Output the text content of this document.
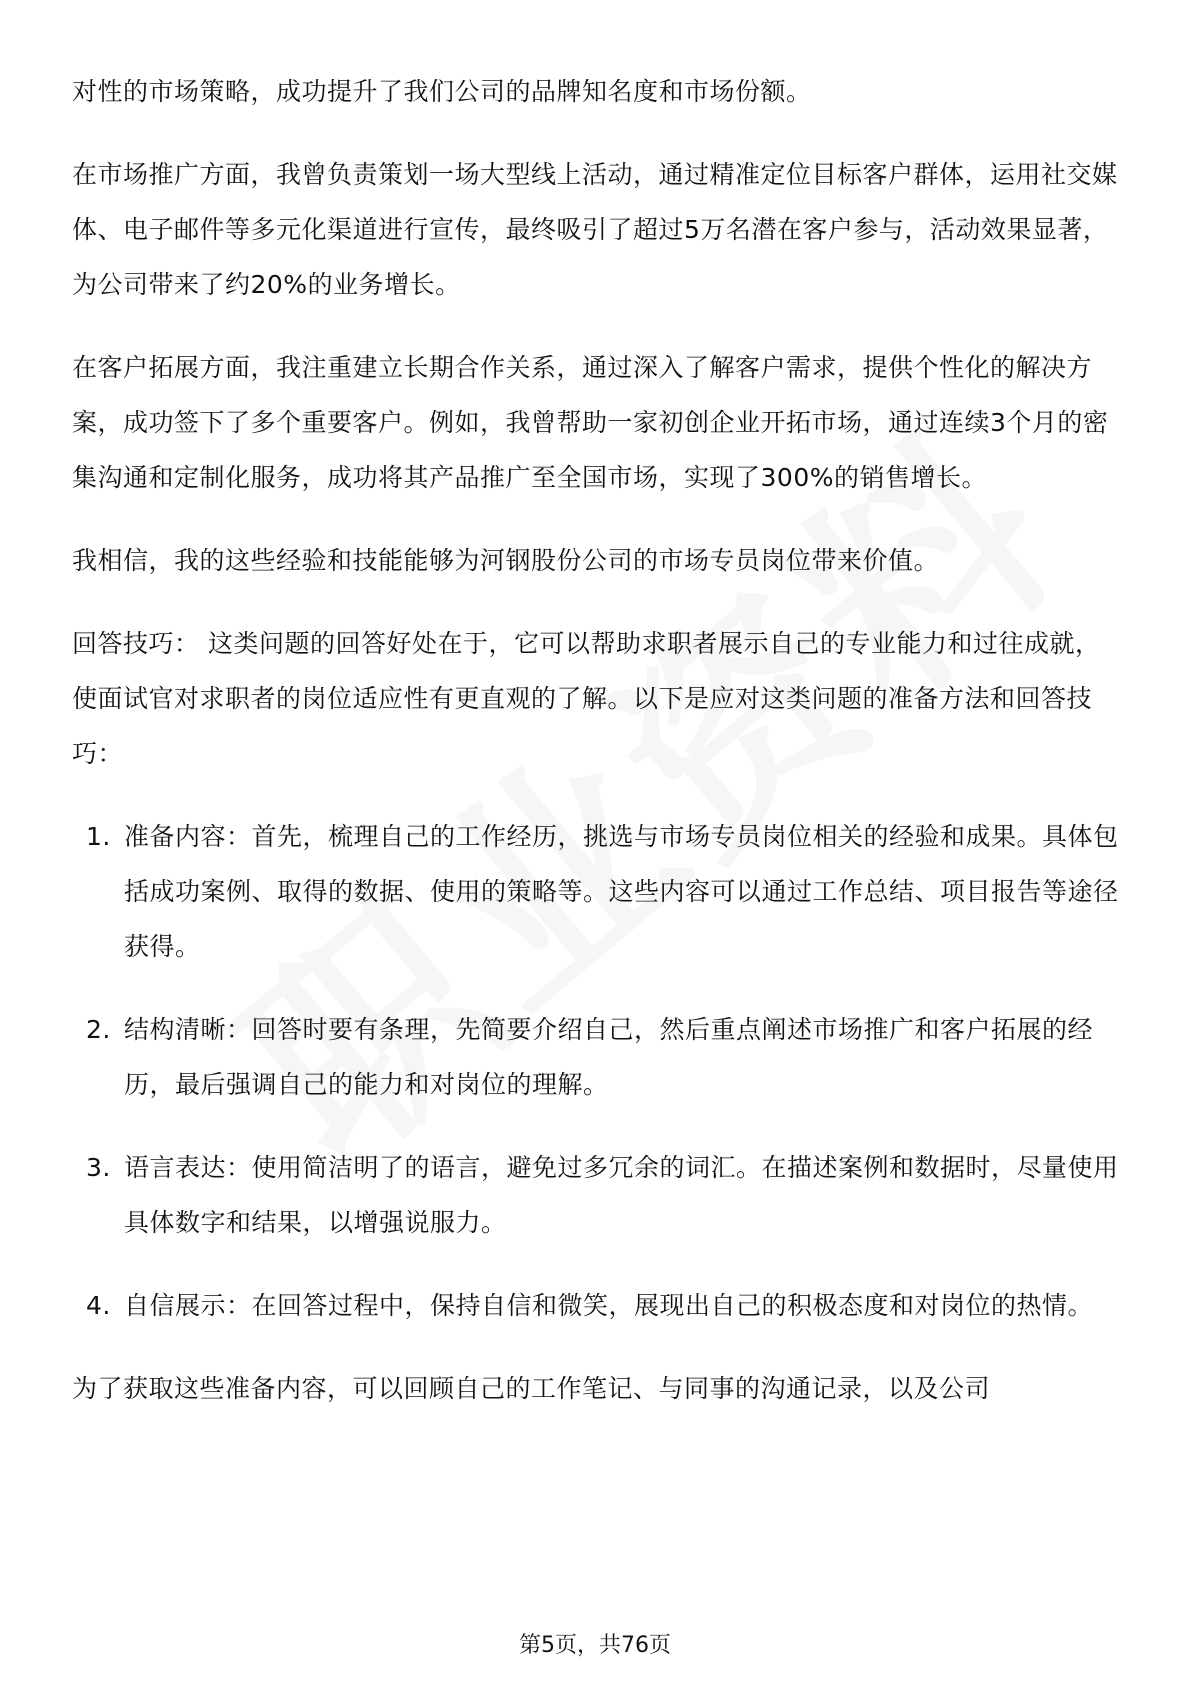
对性的市场策略，成功提升了我们公司的品牌知名度和市场份额。

在市场推广方面，我曾负责策划一场大型线上活动，通过精准定位目标客户群体，运用社交媒体、电子邮件等多元化渠道进行宣传，最终吸引了超过5万名潜在客户参与，活动效果显著，为公司带来了约20%的业务增长。

在客户拓展方面，我注重建立长期合作关系，通过深入了解客户需求，提供个性化的解决方案，成功签下了多个重要客户。例如，我曾帮助一家初创企业开拓市场，通过连续3个月的密集沟通和定制化服务，成功将其产品推广至全国市场，实现了300%的销售增长。

我相信，我的这些经验和技能能够为河钢股份公司的市场专员岗位带来价值。

回答技巧： 这类问题的回答好处在于，它可以帮助求职者展示自己的专业能力和过往成就，使面试官对求职者的岗位适应性有更直观的了解。以下是应对这类问题的准备方法和回答技巧：

1. 准备内容：首先，梳理自己的工作经历，挑选与市场专员岗位相关的经验和成果。具体包括成功案例、取得的数据、使用的策略等。这些内容可以通过工作总结、项目报告等途径获得。
2. 结构清晰：回答时要有条理，先简要介绍自己，然后重点阐述市场推广和客户拓展的经历，最后强调自己的能力和对岗位的理解。
3. 语言表达：使用简洁明了的语言，避免过多冗余的词汇。在描述案例和数据时，尽量使用具体数字和结果，以增强说服力。
4. 自信展示：在回答过程中，保持自信和微笑，展现出自己的积极态度和对岗位的热情。

为了获取这些准备内容，可以回顾自己的工作笔记、与同事的沟通记录，以及公司

第5页，共76页
